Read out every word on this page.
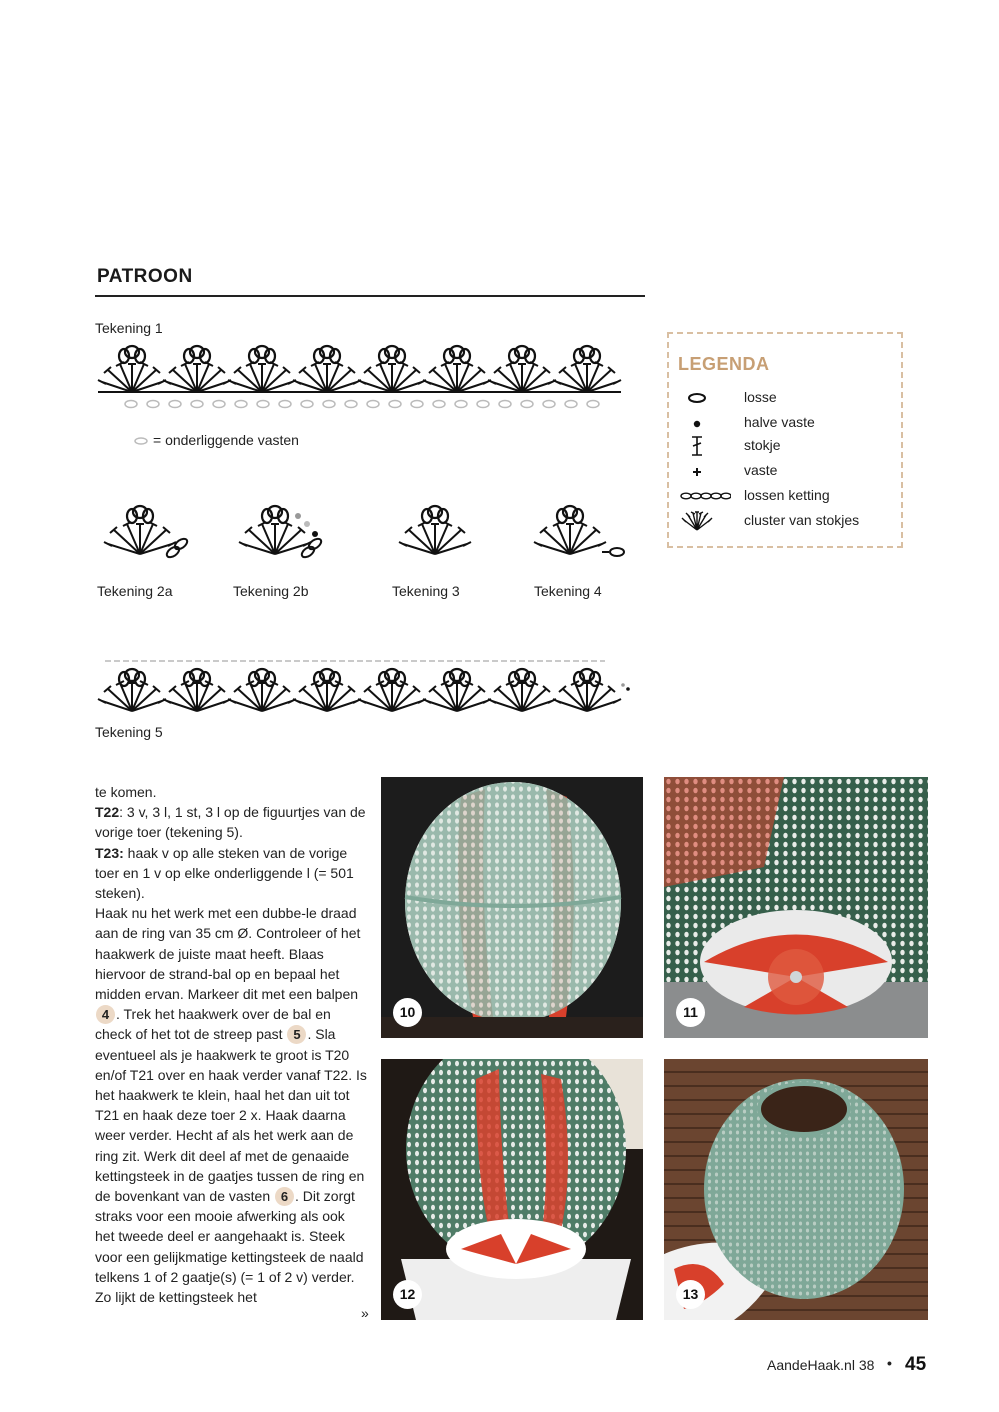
PATROON
Tekening 1
= onderliggende vasten
LEGENDA
losse
halve vaste
stokje
vaste
lossen ketting
cluster van stokjes
Tekening 2a	Tekening 2b	Tekening 3	Tekening 4
Tekening 5

te komen.

T22: 3 v, 3 l, 1 st, 3 l op de figuurtjes van de vorige toer (tekening 5).

T23: haak v op alle steken van de vorige toer en 1 v op elke onderliggende l (= 501 steken).

Haak nu het werk met een dubbe-le draad aan de ring van 35 cm Ø. Controleer of het haakwerk de juiste maat heeft. Blaas hiervoor de strand-bal op en bepaal het midden ervan. Markeer dit met een balpen 4 . Trek het haakwerk over de bal en check of het tot de streep past 5 . Sla eventueel als je haakwerk te groot is T20 en/of T21 over en haak verder vanaf T22. Is het haakwerk te klein, haal het dan uit tot T21 en haak deze toer 2 x. Haak daarna weer verder. Hecht af als het werk aan de ring zit. Werk dit deel af met de genaaide kettingsteek in de gaatjes tussen de ring en de bovenkant van de vasten 6 . Dit zorgt straks voor een mooie afwerking als ook het tweede deel er aangehaakt is. Steek voor een gelijkmatige kettingsteek de naald telkens 1 of 2 gaatje(s) (= 1 of 2 v) verder. Zo lijkt de kettingsteek het

»
10	11
12	13
AandeHaak.nl 38 • 45
